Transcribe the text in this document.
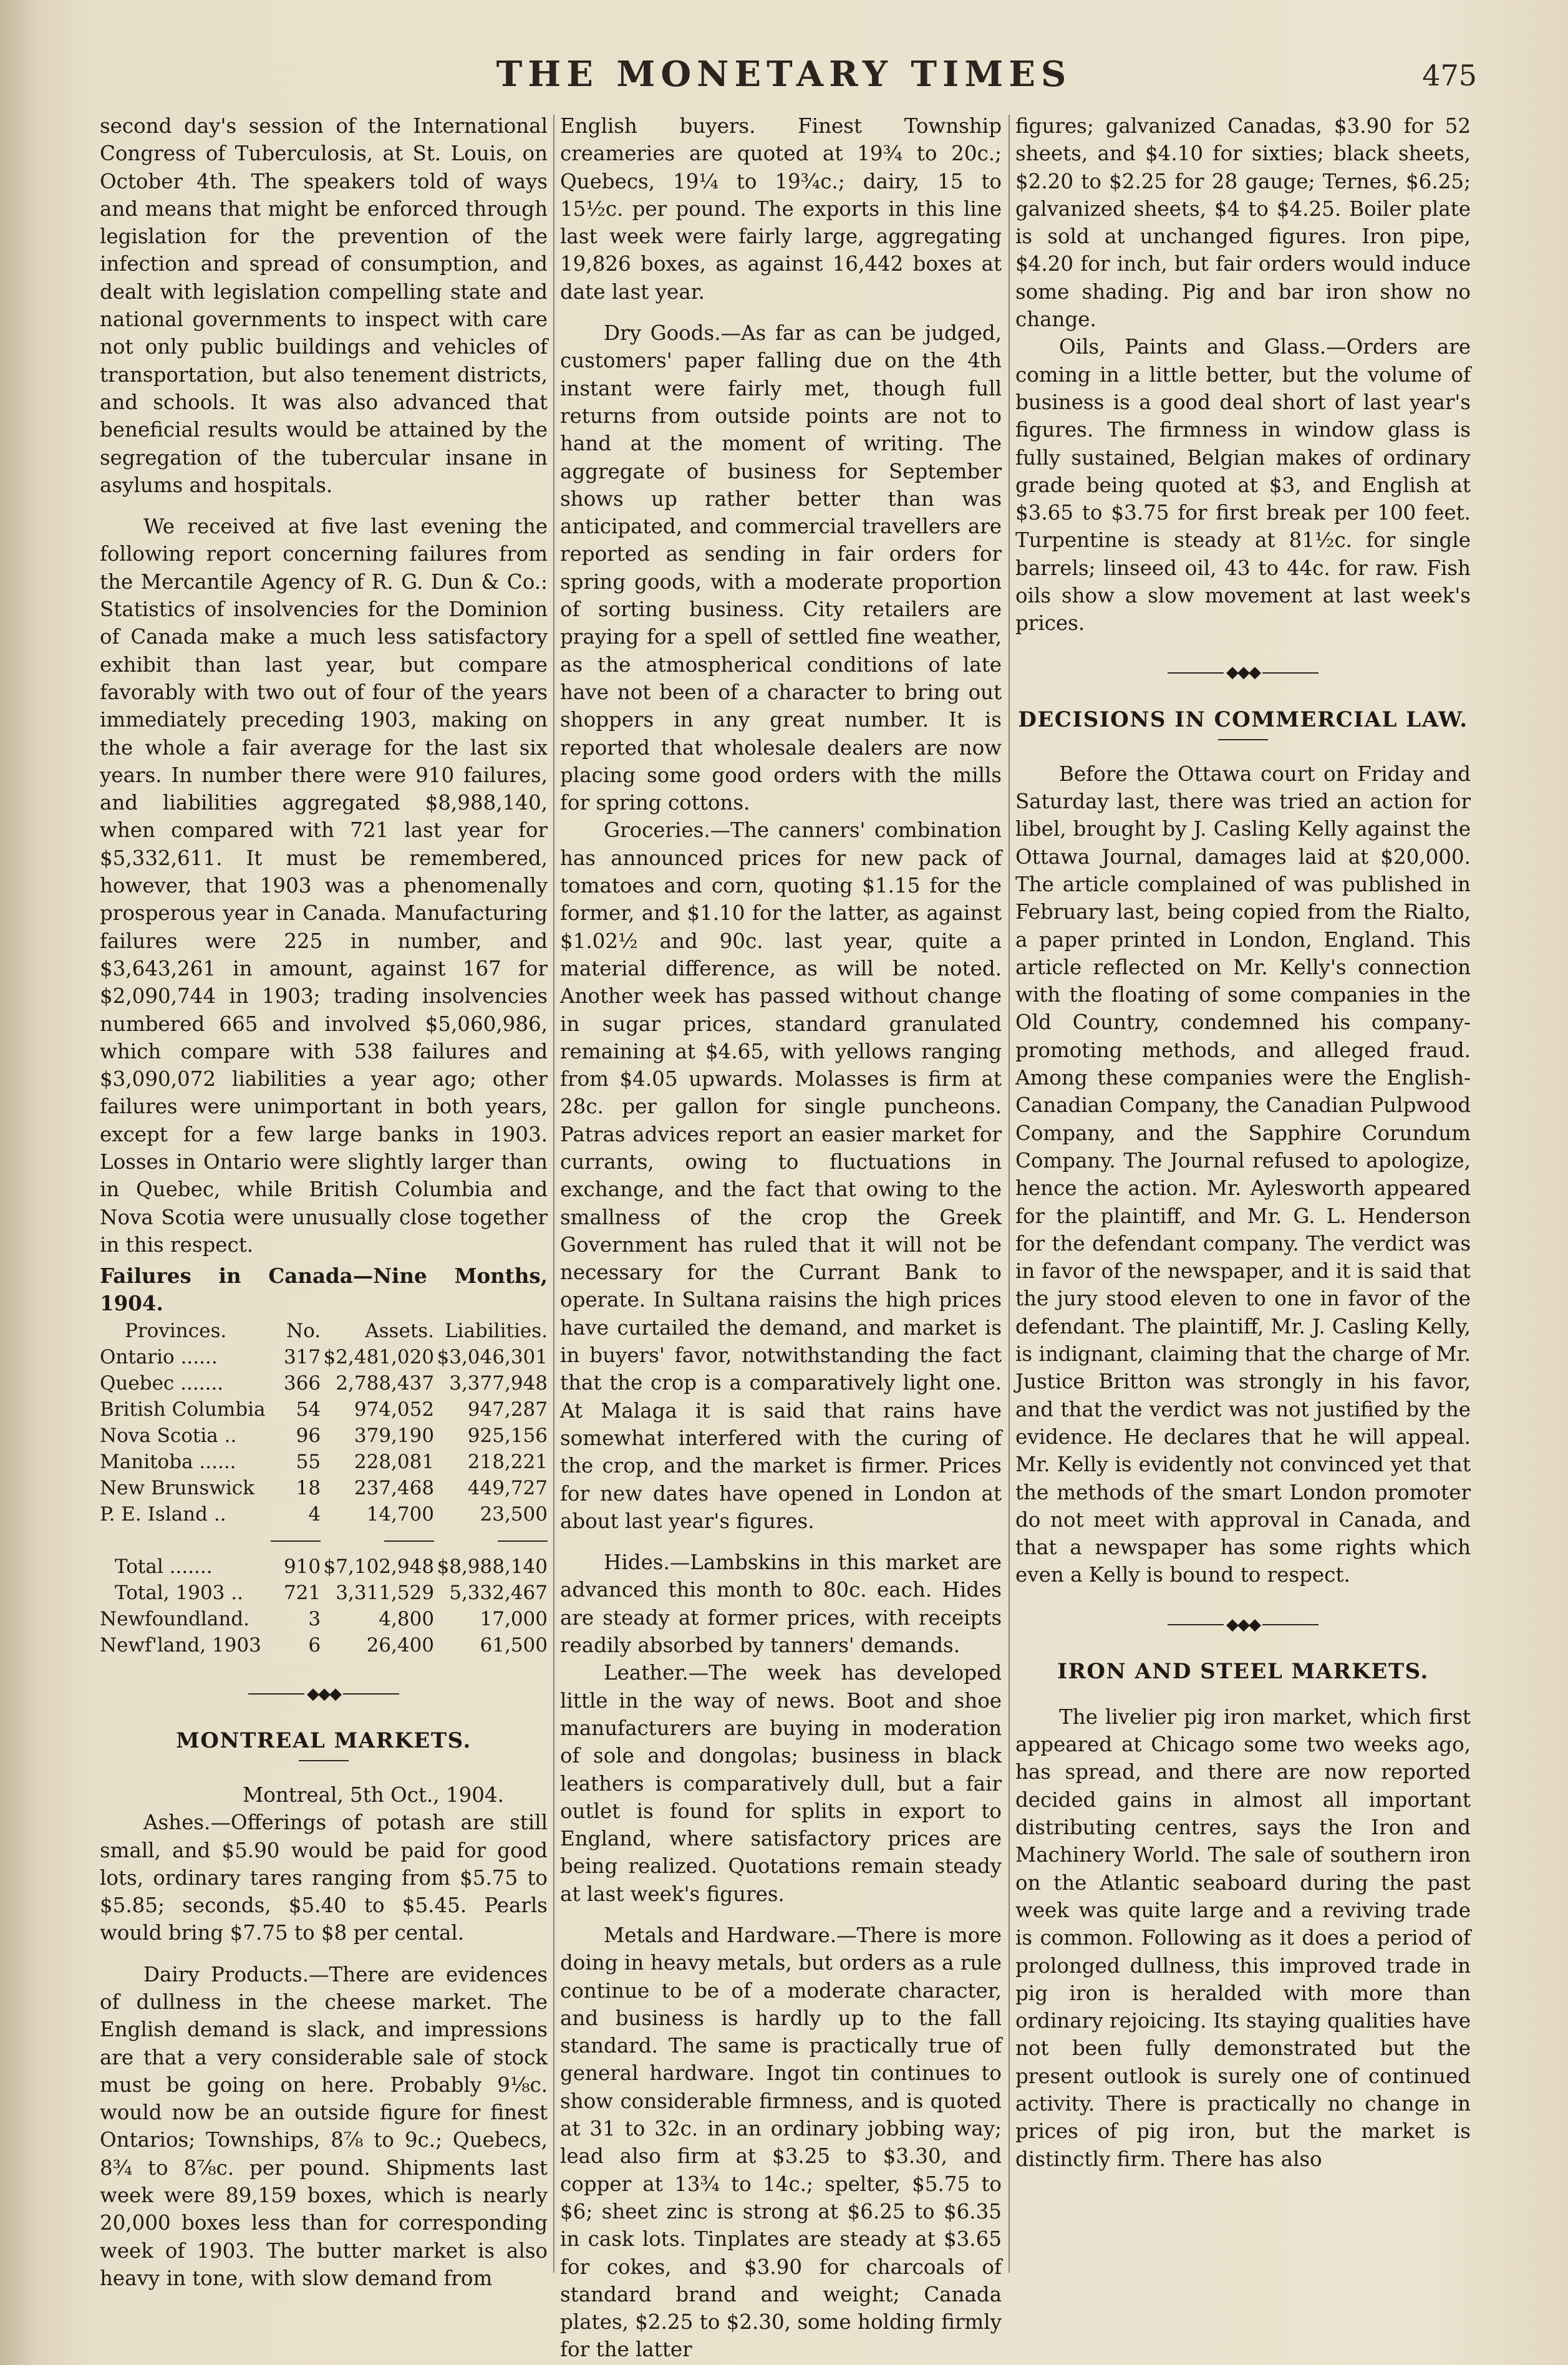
THE MONETARY TIMES	475

second day's session of the International Congress of Tuberculosis, at St. Louis, on October 4th. The speakers told of ways and means that might be enforced through legislation for the prevention of the infection and spread of consumption, and dealt with legislation compelling state and national governments to inspect with care not only public buildings and vehicles of transportation, but also tenement districts, and schools. It was also advanced that beneficial results would be attained by the segregation of the tubercular insane in asylums and hospitals.

We received at five last evening the following report concerning failures from the Mercantile Agency of R. G. Dun & Co.: Statistics of insolvencies for the Dominion of Canada make a much less satisfactory exhibit than last year, but compare favorably with two out of four of the years immediately preceding 1903, making on the whole a fair average for the last six years. In number there were 910 failures, and liabilities aggregated $8,988,140, when compared with 721 last year for $5,332,611. It must be remembered, however, that 1903 was a phenomenally prosperous year in Canada. Manufacturing failures were 225 in number, and $3,643,261 in amount, against 167 for $2,090,744 in 1903; trading insolvencies numbered 665 and involved $5,060,986, which compare with 538 failures and $3,090,072 liabilities a year ago; other failures were unimportant in both years, except for a few large banks in 1903. Losses in Ontario were slightly larger than in Quebec, while British Columbia and Nova Scotia were unusually close together in this respect.

Failures in Canada—Nine Months, 1904.
Provinces.	No.	Assets.	Liabilities.
Ontario ......	317	$2,481,020	$3,046,301
Quebec .......	366	2,788,437	3,377,948
British Columbia	54	974,052	947,287
Nova Scotia ..	96	379,190	925,156
Manitoba ......	55	228,081	218,221
New Brunswick	18	237,468	449,727
P. E. Island ..	4	14,700	23,500

Total .......	910	$7,102,948	$8,988,140
Total, 1903 ..	721	3,311,529	5,332,467
Newfoundland.	3	4,800	17,000
Newf'land, 1903	6	26,400	61,500
◆◆◆
MONTREAL MARKETS.

Montreal, 5th Oct., 1904.

Ashes.—Offerings of potash are still small, and $5.90 would be paid for good lots, ordinary tares ranging from $5.75 to $5.85; seconds, $5.40 to $5.45. Pearls would bring $7.75 to $8 per cental.

Dairy Products.—There are evidences of dullness in the cheese market. The English demand is slack, and impressions are that a very considerable sale of stock must be going on here. Probably 9⅛c. would now be an outside figure for finest Ontarios; Townships, 8⅞ to 9c.; Quebecs, 8¾ to 8⅞c. per pound. Shipments last week were 89,159 boxes, which is nearly 20,000 boxes less than for corresponding week of 1903. The butter market is also heavy in tone, with slow demand from

English buyers. Finest Township creameries are quoted at 19¾ to 20c.; Quebecs, 19¼ to 19¾c.; dairy, 15 to 15½c. per pound. The exports in this line last week were fairly large, aggregating 19,826 boxes, as against 16,442 boxes at date last year.

Dry Goods.—As far as can be judged, customers' paper falling due on the 4th instant were fairly met, though full returns from outside points are not to hand at the moment of writing. The aggregate of business for September shows up rather better than was anticipated, and commercial travellers are reported as sending in fair orders for spring goods, with a moderate proportion of sorting business. City retailers are praying for a spell of settled fine weather, as the atmospherical conditions of late have not been of a character to bring out shoppers in any great number. It is reported that wholesale dealers are now placing some good orders with the mills for spring cottons.

Groceries.—The canners' combination has announced prices for new pack of tomatoes and corn, quoting $1.15 for the former, and $1.10 for the latter, as against $1.02½ and 90c. last year, quite a material difference, as will be noted. Another week has passed without change in sugar prices, standard granulated remaining at $4.65, with yellows ranging from $4.05 upwards. Molasses is firm at 28c. per gallon for single puncheons. Patras advices report an easier market for currants, owing to fluctuations in exchange, and the fact that owing to the smallness of the crop the Greek Government has ruled that it will not be necessary for the Currant Bank to operate. In Sultana raisins the high prices have curtailed the demand, and market is in buyers' favor, notwithstanding the fact that the crop is a comparatively light one. At Malaga it is said that rains have somewhat interfered with the curing of the crop, and the market is firmer. Prices for new dates have opened in London at about last year's figures.

Hides.—Lambskins in this market are advanced this month to 80c. each. Hides are steady at former prices, with receipts readily absorbed by tanners' demands.

Leather.—The week has developed little in the way of news. Boot and shoe manufacturers are buying in moderation of sole and dongolas; business in black leathers is comparatively dull, but a fair outlet is found for splits in export to England, where satisfactory prices are being realized. Quotations remain steady at last week's figures.

Metals and Hardware.—There is more doing in heavy metals, but orders as a rule continue to be of a moderate character, and business is hardly up to the fall standard. The same is practically true of general hardware. Ingot tin continues to show considerable firmness, and is quoted at 31 to 32c. in an ordinary jobbing way; lead also firm at $3.25 to $3.30, and copper at 13¾ to 14c.; spelter, $5.75 to $6; sheet zinc is strong at $6.25 to $6.35 in cask lots. Tinplates are steady at $3.65 for cokes, and $3.90 for charcoals of standard brand and weight; Canada plates, $2.25 to $2.30, some holding firmly for the latter

figures; galvanized Canadas, $3.90 for 52 sheets, and $4.10 for sixties; black sheets, $2.20 to $2.25 for 28 gauge; Ternes, $6.25; galvanized sheets, $4 to $4.25. Boiler plate is sold at unchanged figures. Iron pipe, $4.20 for inch, but fair orders would induce some shading. Pig and bar iron show no change.

Oils, Paints and Glass.—Orders are coming in a little better, but the volume of business is a good deal short of last year's figures. The firmness in window glass is fully sustained, Belgian makes of ordinary grade being quoted at $3, and English at $3.65 to $3.75 for first break per 100 feet. Turpentine is steady at 81½c. for single barrels; linseed oil, 43 to 44c. for raw. Fish oils show a slow movement at last week's prices.

◆◆◆
DECISIONS IN COMMERCIAL LAW.

Before the Ottawa court on Friday and Saturday last, there was tried an action for libel, brought by J. Casling Kelly against the Ottawa Journal, damages laid at $20,000. The article complained of was published in February last, being copied from the Rialto, a paper printed in London, England. This article reflected on Mr. Kelly's connection with the floating of some companies in the Old Country, condemned his company-promoting methods, and alleged fraud. Among these companies were the English-Canadian Company, the Canadian Pulpwood Company, and the Sapphire Corundum Company. The Journal refused to apologize, hence the action. Mr. Aylesworth appeared for the plaintiff, and Mr. G. L. Henderson for the defendant company. The verdict was in favor of the newspaper, and it is said that the jury stood eleven to one in favor of the defendant. The plaintiff, Mr. J. Casling Kelly, is indignant, claiming that the charge of Mr. Justice Britton was strongly in his favor, and that the verdict was not justified by the evidence. He declares that he will appeal. Mr. Kelly is evidently not convinced yet that the methods of the smart London promoter do not meet with approval in Canada, and that a newspaper has some rights which even a Kelly is bound to respect.

◆◆◆
IRON AND STEEL MARKETS.

The livelier pig iron market, which first appeared at Chicago some two weeks ago, has spread, and there are now reported decided gains in almost all important distributing centres, says the Iron and Machinery World. The sale of southern iron on the Atlantic seaboard during the past week was quite large and a reviving trade is common. Following as it does a period of prolonged dullness, this improved trade in pig iron is heralded with more than ordinary rejoicing. Its staying qualities have not been fully demonstrated but the present outlook is surely one of continued activity. There is practically no change in prices of pig iron, but the market is distinctly firm. There has also
